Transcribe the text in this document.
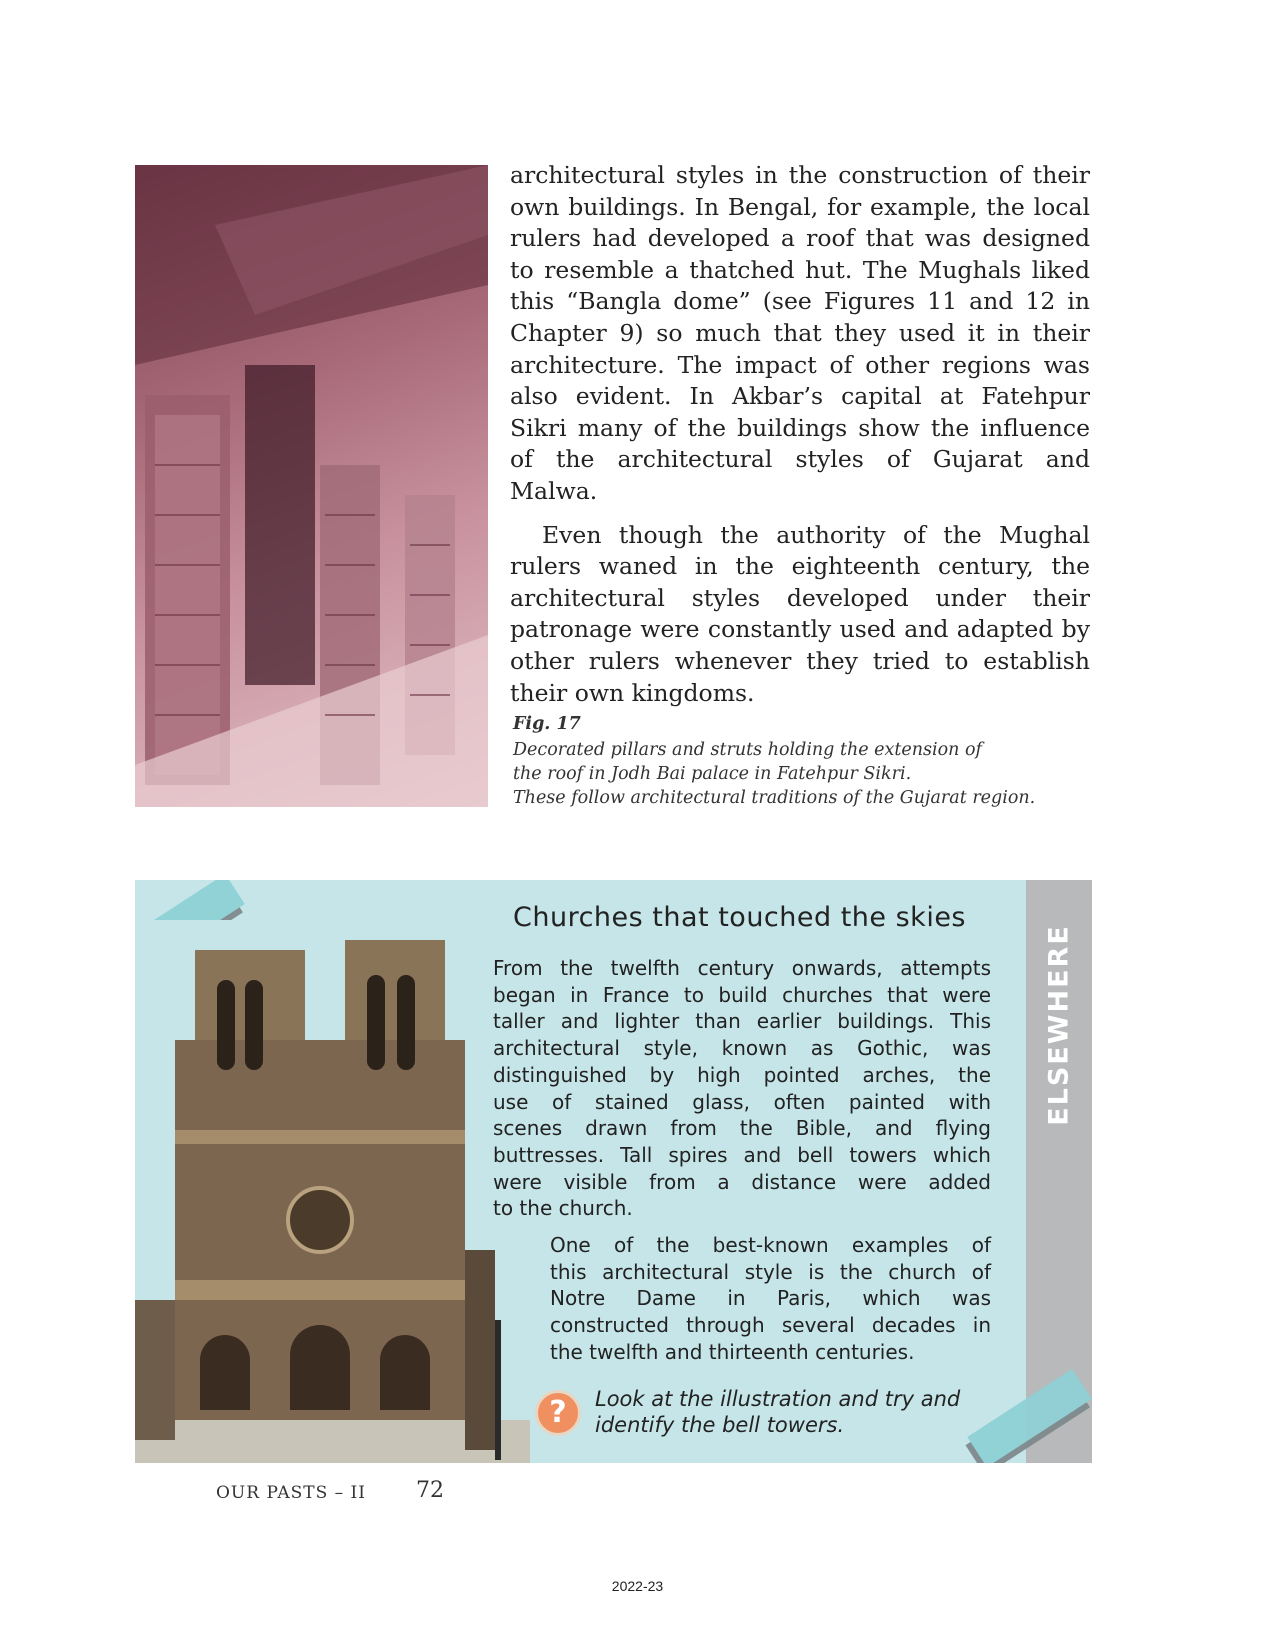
architectural styles in the construction of their own buildings. In Bengal, for example, the local rulers had developed a roof that was designed to resemble a thatched hut. The Mughals liked this “Bangla dome” (see Figures 11 and 12 in Chapter 9) so much that they used it in their architecture. The impact of other regions was also evident. In Akbar’s capital at Fatehpur Sikri many of the buildings show the influence of the architectural styles of Gujarat and Malwa.

Even though the authority of the Mughal rulers waned in the eighteenth century, the architectural styles developed under their patronage were constantly used and adapted by other rulers whenever they tried to establish their own kingdoms.

Fig. 17
Decorated pillars and struts holding the extension of
the roof in Jodh Bai palace in Fatehpur Sikri.
These follow architectural traditions of the Gujarat region.
Churches that touched the skies
From the twelfth century onwards, attempts
began in France to build churches that were
taller and lighter than earlier buildings. This
architectural style, known as Gothic, was
distinguished by high pointed arches, the
use of stained glass, often painted with
scenes drawn from the Bible, and flying
buttresses. Tall spires and bell towers which
were visible from a distance were added
to the church.
One of the best-known examples of
this architectural style is the church of
Notre Dame in Paris, which was
constructed through several decades in
the twelfth and thirteenth centuries.
?	Look at the illustration and try and
identify the bell towers.
ELSEWHERE
OUR PASTS – II 72
2022-23
